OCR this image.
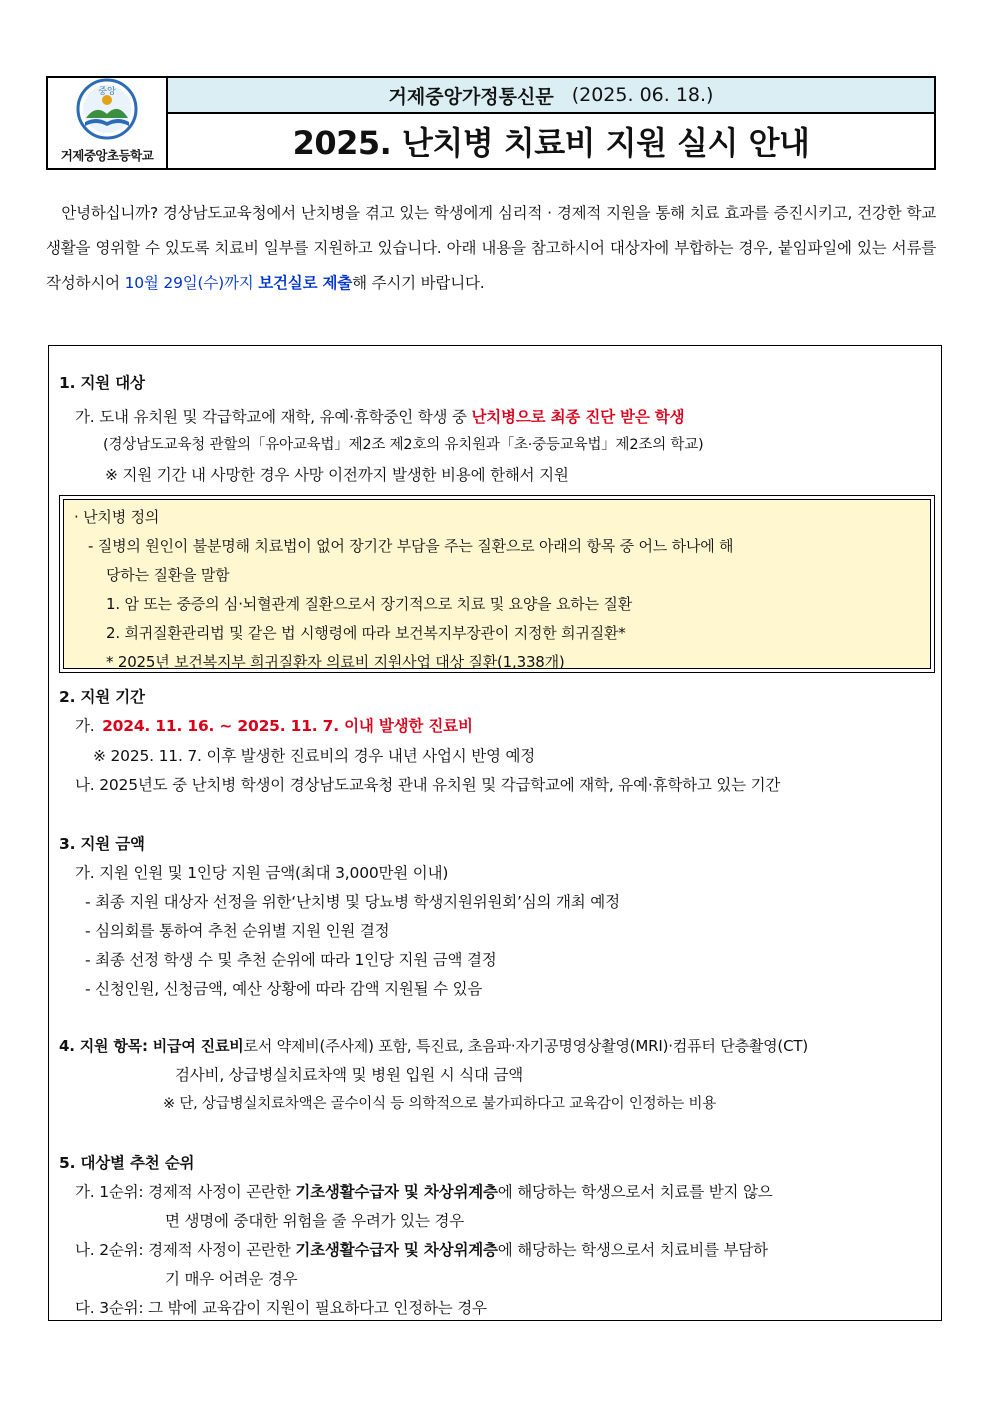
중앙
거제중앙초등학교
거제중앙가정통신문 (2025. 06. 18.)
2025. 난치병 치료비 지원 실시 안내
 안녕하십니까? 경상남도교육청에서 난치병을 겪고 있는 학생에게 심리적 · 경제적 지원을 통해 치료 효과를 증진시키고, 건강한 학교 생활을 영위할 수 있도록 치료비 일부를 지원하고 있습니다. 아래 내용을 참고하시어 대상자에 부합하는 경우, 붙임파일에 있는 서류를 작성하시어 10월 29일(수)까지 보건실로 제출해 주시기 바랍니다.
1. 지원 대상
가. 도내 유치원 및 각급학교에 재학, 유예·휴학중인 학생 중 난치병으로 최종 진단 받은 학생
(경상남도교육청 관할의「유아교육법」제2조 제2호의 유치원과「초·중등교육법」제2조의 학교)
※ 지원 기간 내 사망한 경우 사망 이전까지 발생한 비용에 한해서 지원
· 난치병 정의
- 질병의 원인이 불분명해 치료법이 없어 장기간 부담을 주는 질환으로 아래의 항목 중 어느 하나에 해
당하는 질환을 말함
1. 암 또는 중증의 심·뇌혈관계 질환으로서 장기적으로 치료 및 요양을 요하는 질환
2. 희귀질환관리법 및 같은 법 시행령에 따라 보건복지부장관이 지정한 희귀질환*
* 2025년 보건복지부 희귀질환자 의료비 지원사업 대상 질환(1,338개)
2. 지원 기간
가.  2024. 11. 16. ~ 2025. 11. 7. 이내 발생한 진료비
※ 2025. 11. 7. 이후 발생한 진료비의 경우 내년 사업시 반영 예정
나. 2025년도 중 난치병 학생이 경상남도교육청 관내 유치원 및 각급학교에 재학, 유예·휴학하고 있는 기간
3. 지원 금액
가. 지원 인원 및 1인당 지원 금액(최대 3,000만원 이내)
- 최종 지원 대상자 선정을 위한‘난치병 및 당뇨병 학생지원위원회’심의 개최 예정
- 심의회를 통하여 추천 순위별 지원 인원 결정
- 최종 선정 학생 수 및 추천 순위에 따라 1인당 지원 금액 결정
- 신청인원, 신청금액, 예산 상황에 따라 감액 지원될 수 있음
4. 지원 항목: 비급여 진료비로서 약제비(주사제) 포함, 특진료, 초음파·자기공명영상촬영(MRI)·컴퓨터 단층촬영(CT)
검사비, 상급병실치료차액 및 병원 입원 시 식대 금액
※ 단, 상급병실치료차액은 골수이식 등 의학적으로 불가피하다고 교육감이 인정하는 비용
5. 대상별 추천 순위
가. 1순위: 경제적 사정이 곤란한 기초생활수급자 및 차상위계층에 해당하는 학생으로서 치료를 받지 않으
면 생명에 중대한 위험을 줄 우려가 있는 경우
나. 2순위: 경제적 사정이 곤란한 기초생활수급자 및 차상위계층에 해당하는 학생으로서 치료비를 부담하
기 매우 어려운 경우
다. 3순위: 그 밖에 교육감이 지원이 필요하다고 인정하는 경우
